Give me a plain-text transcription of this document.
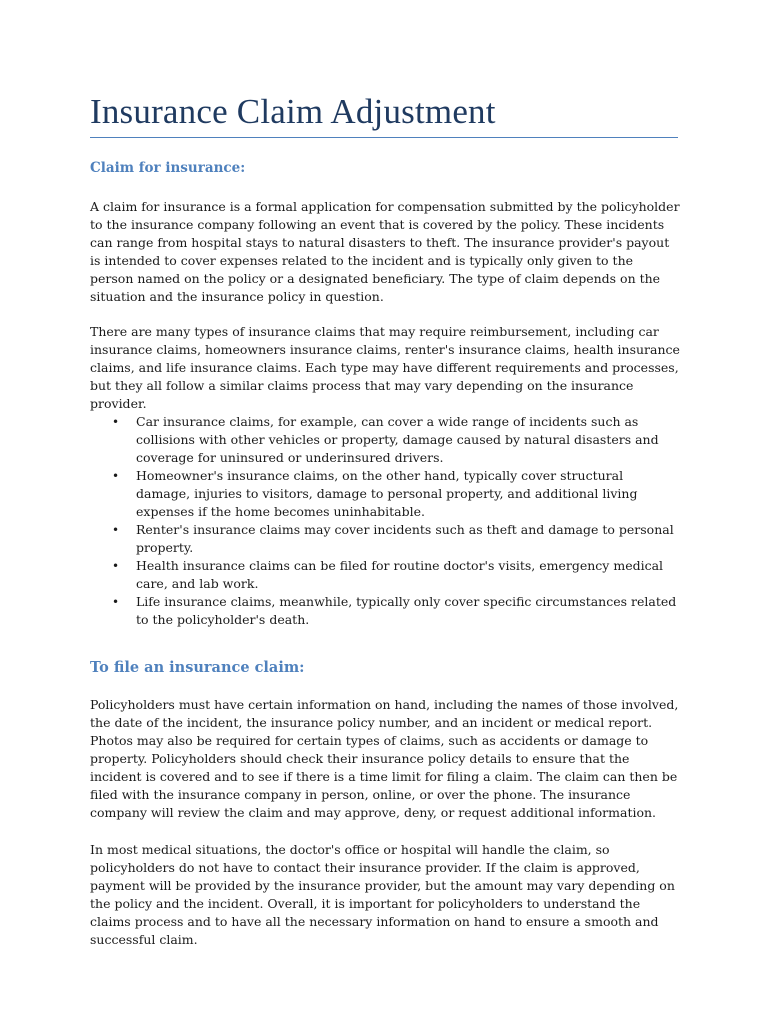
Insurance Claim Adjustment
Claim for insurance:

A claim for insurance is a formal application for compensation submitted by the policyholder to the insurance company following an event that is covered by the policy. These incidents can range from hospital stays to natural disasters to theft. The insurance provider's payout is intended to cover expenses related to the incident and is typically only given to the person named on the policy or a designated beneficiary. The type of claim depends on the situation and the insurance policy in question.

There are many types of insurance claims that may require reimbursement, including car insurance claims, homeowners insurance claims, renter's insurance claims, health insurance claims, and life insurance claims. Each type may have different requirements and processes, but they all follow a similar claims process that may vary depending on the insurance provider.

• Car insurance claims, for example, can cover a wide range of incidents such as collisions with other vehicles or property, damage caused by natural disasters and coverage for uninsured or underinsured drivers.
• Homeowner's insurance claims, on the other hand, typically cover structural damage, injuries to visitors, damage to personal property, and additional living expenses if the home becomes uninhabitable.
• Renter's insurance claims may cover incidents such as theft and damage to personal property.
• Health insurance claims can be filed for routine doctor's visits, emergency medical care, and lab work.
• Life insurance claims, meanwhile, typically only cover specific circumstances related to the policyholder's death.
To file an insurance claim:

Policyholders must have certain information on hand, including the names of those involved, the date of the incident, the insurance policy number, and an incident or medical report. Photos may also be required for certain types of claims, such as accidents or damage to property. Policyholders should check their insurance policy details to ensure that the incident is covered and to see if there is a time limit for filing a claim. The claim can then be filed with the insurance company in person, online, or over the phone. The insurance company will review the claim and may approve, deny, or request additional information.

In most medical situations, the doctor's office or hospital will handle the claim, so policyholders do not have to contact their insurance provider. If the claim is approved, payment will be provided by the insurance provider, but the amount may vary depending on the policy and the incident. Overall, it is important for policyholders to understand the claims process and to have all the necessary information on hand to ensure a smooth and successful claim.
